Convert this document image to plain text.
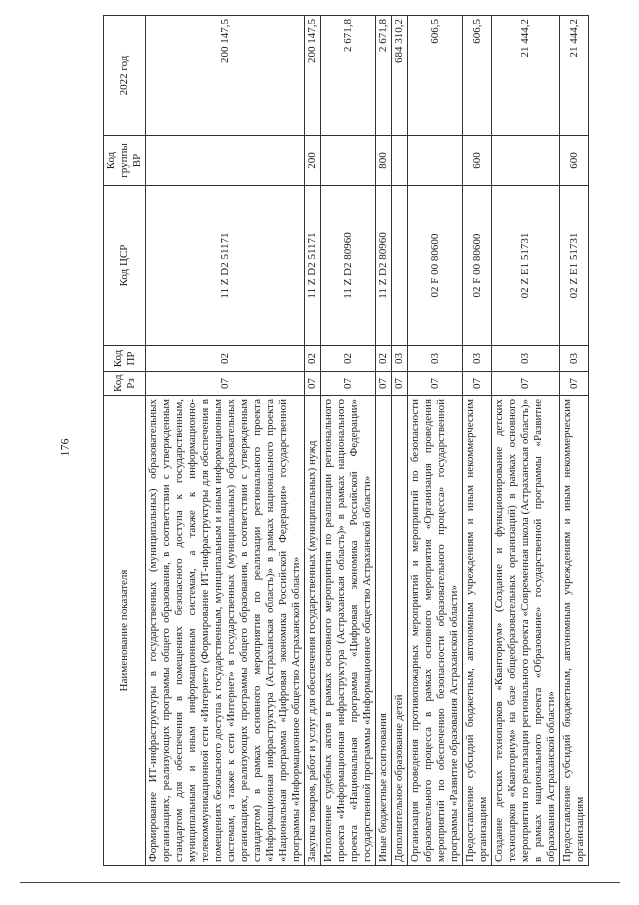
176
Наименование показателя	Код Рз	Код ПР	Код ЦСР	Код группы ВР	2022 год
Формирование ИТ-инфраструктуры в государственных (муниципальных) образовательных организациях, реализующих программы общего образования, в соответствии с утвержденным стандартом для обеспечения в помещениях безопасного доступа к государственным, муниципальным и иным информационным системам, а также к информационно-телекоммуникационной сети «Интернет» (Формирование ИТ-инфраструктуры для обеспечения в помещениях безопасного доступа к государственным, муниципальным и иным информационным системам, а также к сети «Интернет» в государственных (муниципальных) образовательных организациях, реализующих программы общего образования, в соответствии с утвержденным стандартом) в рамках основного мероприятия по реализации регионального проекта «Информационная инфраструктура (Астраханская область)» в рамках национального проекта «Национальная программа «Цифровая экономика Российской Федерации» государственной программы «Информационное общество Астраханской области»	07	02	11 Z D2 51171		200 147,5
Закупка товаров, работ и услуг для обеспечения государственных (муниципальных) нужд	07	02	11 Z D2 51171	200	200 147,5
Исполнение судебных актов в рамках основного мероприятия по реализации регионального проекта «Информационная инфраструктура (Астраханская область)» в рамках национального проекта «Национальная программа «Цифровая экономика Российской Федерации» государственной программы «Информационное общество Астраханской области»	07	02	11 Z D2 80960		2 671,8
Иные бюджетные ассигнования	07	02	11 Z D2 80960	800	2 671,8
Дополнительное образование детей	07	03			684 310,2
Организация проведения противопожарных мероприятий и мероприятий по безопасности образовательного процесса в рамках основного мероприятия «Организация проведения мероприятий по обеспечению безопасности образовательного процесса» государственной программы «Развитие образования Астраханской области»	07	03	02 F 00 80600		606,5
Предоставление субсидий бюджетным, автономным учреждениям и иным некоммерческим организациям	07	03	02 F 00 80600	600	606,5
Создание детских технопарков «Кванториум» (Создание и функционирование детских технопарков «Кванториум» на базе общеобразовательных организаций) в рамках основного мероприятия по реализации регионального проекта «Современная школа (Астраханская область)» в рамках национального проекта «Образование» государственной программы «Развитие образования Астраханской области»	07	03	02 Z E1 51731		21 444,2
Предоставление субсидий бюджетным, автономным учреждениям и иным некоммерческим организациям	07	03	02 Z E1 51731	600	21 444,2
